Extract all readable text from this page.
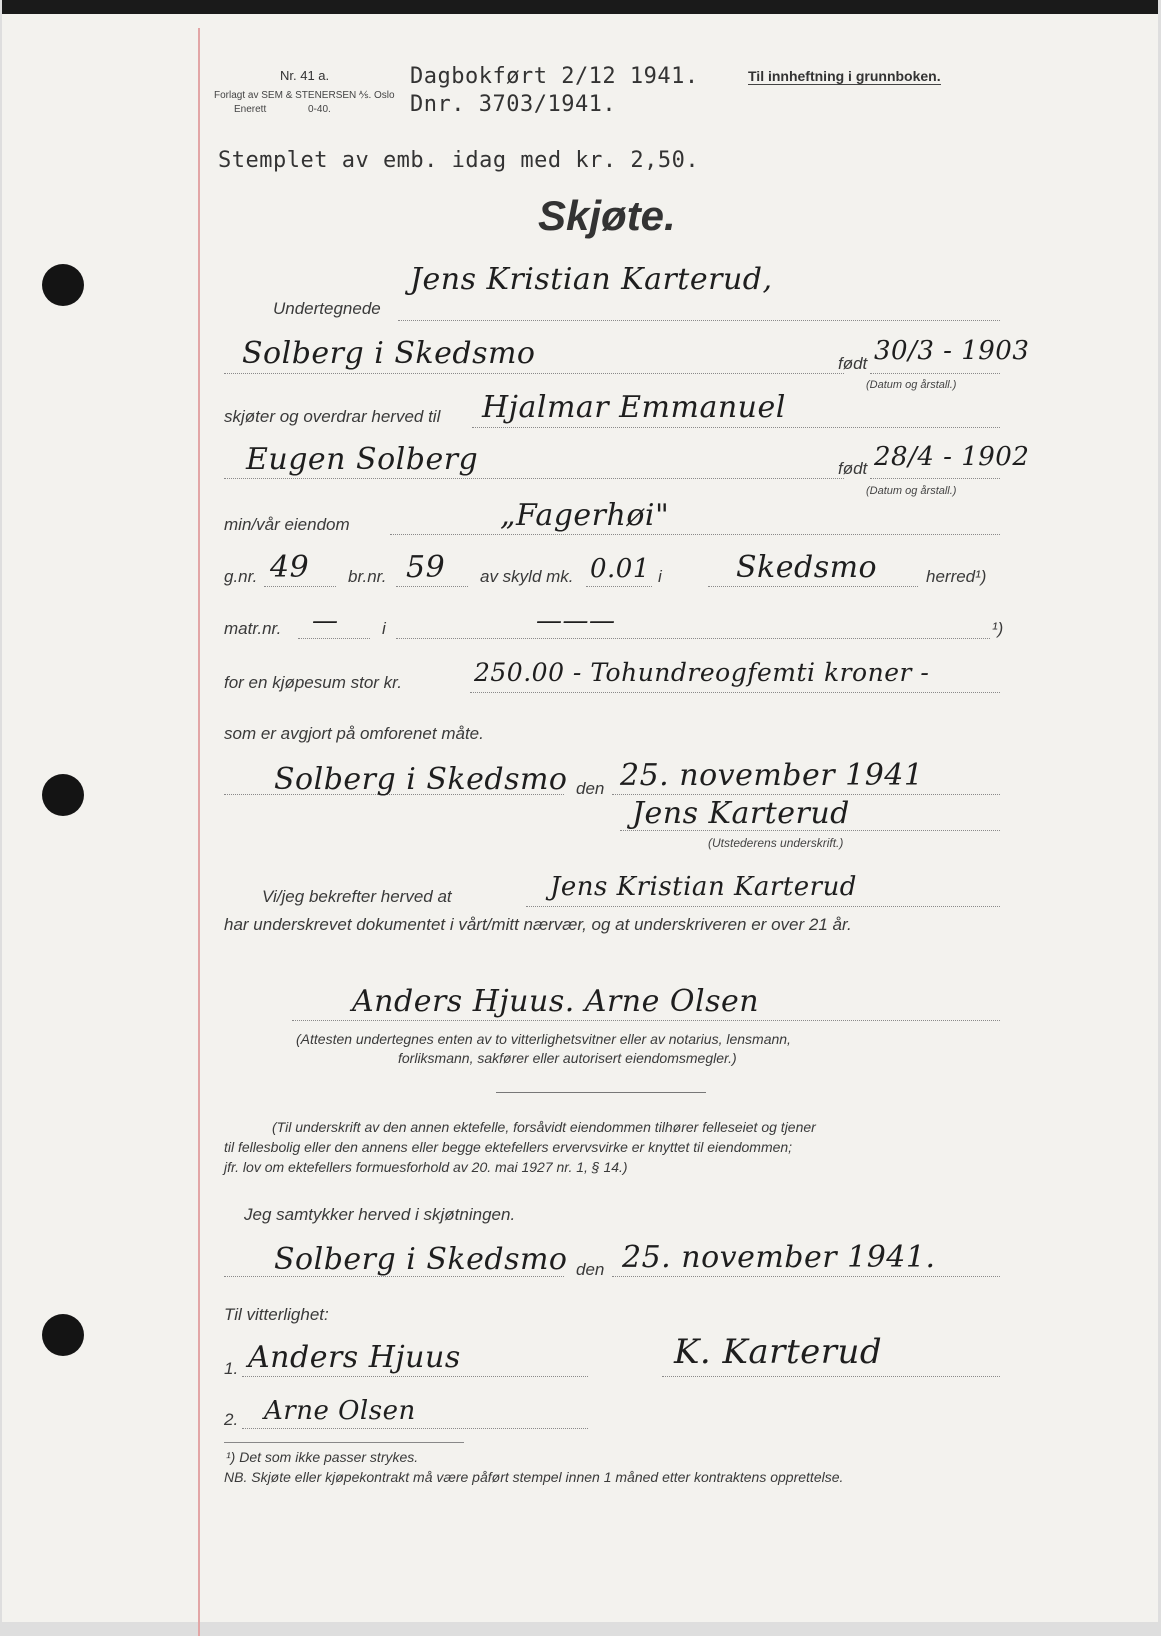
Nr. 41 a.
Forlagt av SEM & STENERSEN ⅍. Oslo
Enerett	0-40.
Dagbokført 2/12 1941.
Dnr. 3703/1941.
Til innheftning i grunnboken.
Stemplet av emb. idag med kr. 2,50.
Skjøte.
Undertegnede
Jens Kristian Karterud,
Solberg i Skedsmo	født 30/3 - 1903
(Datum og årstall.)
skjøter og overdrar herved til Hjalmar Emmanuel
Eugen Solberg	født 28/4 - 1902
(Datum og årstall.)
min/vår eiendom	„Fagerhøi"
g.nr. 49 br.nr. 59 av skyld mk. 0.01 i Skedsmo	herred¹)
matr.nr. —	i	———	¹)
for en kjøpesum stor kr.	250.00 - Tohundreogfemti kroner -
som er avgjort på omforenet måte.
Solberg i Skedsmo den 25. november 1941
Jens Karterud
(Utstederens underskrift.)
Vi/jeg bekrefter herved at	Jens Kristian Karterud
har underskrevet dokumentet i vårt/mitt nærvær, og at underskriveren er over 21 år.
Anders Hjuus. Arne Olsen
(Attesten undertegnes enten av to vitterlighetsvitner eller av notarius, lensmann,
forliksmann, sakfører eller autorisert eiendomsmegler.)
(Til underskrift av den annen ektefelle, forsåvidt eiendommen tilhører felleseiet og tjener
til fellesbolig eller den annens eller begge ektefellers ervervsvirke er knyttet til eiendommen;
jfr. lov om ektefellers formuesforhold av 20. mai 1927 nr. 1, § 14.)
Jeg samtykker herved i skjøtningen.
Solberg i Skedsmo den 25. november 1941.
Til vitterlighet:
1. Anders Hjuus	K. Karterud
2. Arne Olsen
¹) Det som ikke passer strykes.
NB. Skjøte eller kjøpekontrakt må være påført stempel innen 1 måned etter kontraktens opprettelse.
